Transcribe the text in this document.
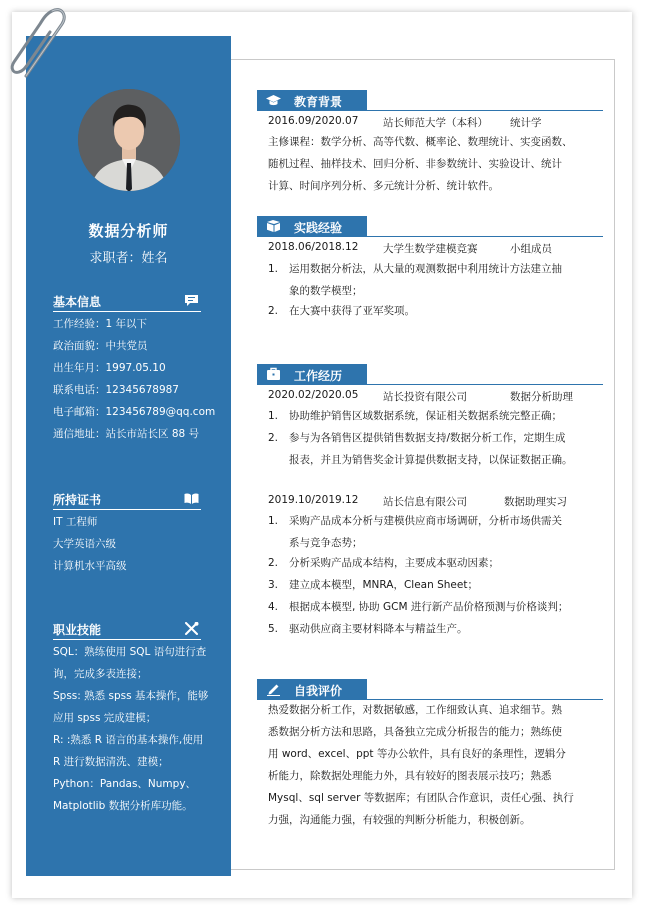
数据分析师
求职者：姓名
基本信息
工作经验：1 年以下
政治面貌：中共党员
出生年月：1997.05.10
联系电话：12345678987
电子邮箱：123456789@qq.com
通信地址：站长市站长区 88 号
所持证书
IT 工程师
大学英语六级
计算机水平高级
职业技能
SQL：熟练使用 SQL 语句进行查
询，完成多表连接；
Spss: 熟悉 spss 基本操作，能够
应用 spss 完成建模；
R: :熟悉 R 语言的基本操作,使用
R 进行数据清洗、建模；
Python：Pandas、Numpy、
Matplotlib 数据分析库功能。
教育背景
2016.09/2020.07 站长师范大学（本科） 统计学
主修课程：数学分析、高等代数、概率论、数理统计、实变函数、
随机过程、抽样技术、回归分析、非参数统计、实验设计、统计
计算、时间序列分析、多元统计分析、统计软件。
实践经验
2018.06/2018.12 大学生数学建模竞赛	小组成员
1. 运用数据分析法，从大量的观测数据中利用统计方法建立抽
象的数学模型；
2. 在大赛中获得了亚军奖项。
工作经历
2020.02/2020.05 站长投资有限公司	数据分析助理
1. 协助维护销售区域数据系统，保证相关数据系统完整正确；
2. 参与为各销售区提供销售数据支持/数据分析工作，定期生成
报表，并且为销售奖金计算提供数据支持，以保证数据正确。
2019.10/2019.12 站长信息有限公司	数据助理实习
1. 采购产品成本分析与建模供应商市场调研，分析市场供需关
系与竞争态势；
2. 分析采购产品成本结构，主要成本驱动因素；
3. 建立成本模型，MNRA，Clean Sheet；
4. 根据成本模型, 协助 GCM 进行新产品价格预测与价格谈判；
5. 驱动供应商主要材料降本与精益生产。
自我评价
热爱数据分析工作，对数据敏感，工作细致认真、追求细节。熟
悉数据分析方法和思路，具备独立完成分析报告的能力；熟练使
用 word、excel、ppt 等办公软件，具有良好的条理性，逻辑分
析能力，除数据处理能力外，具有较好的图表展示技巧；熟悉
Mysql、sql server 等数据库；有团队合作意识，责任心强、执行
力强，沟通能力强，有较强的判断分析能力，积极创新。
